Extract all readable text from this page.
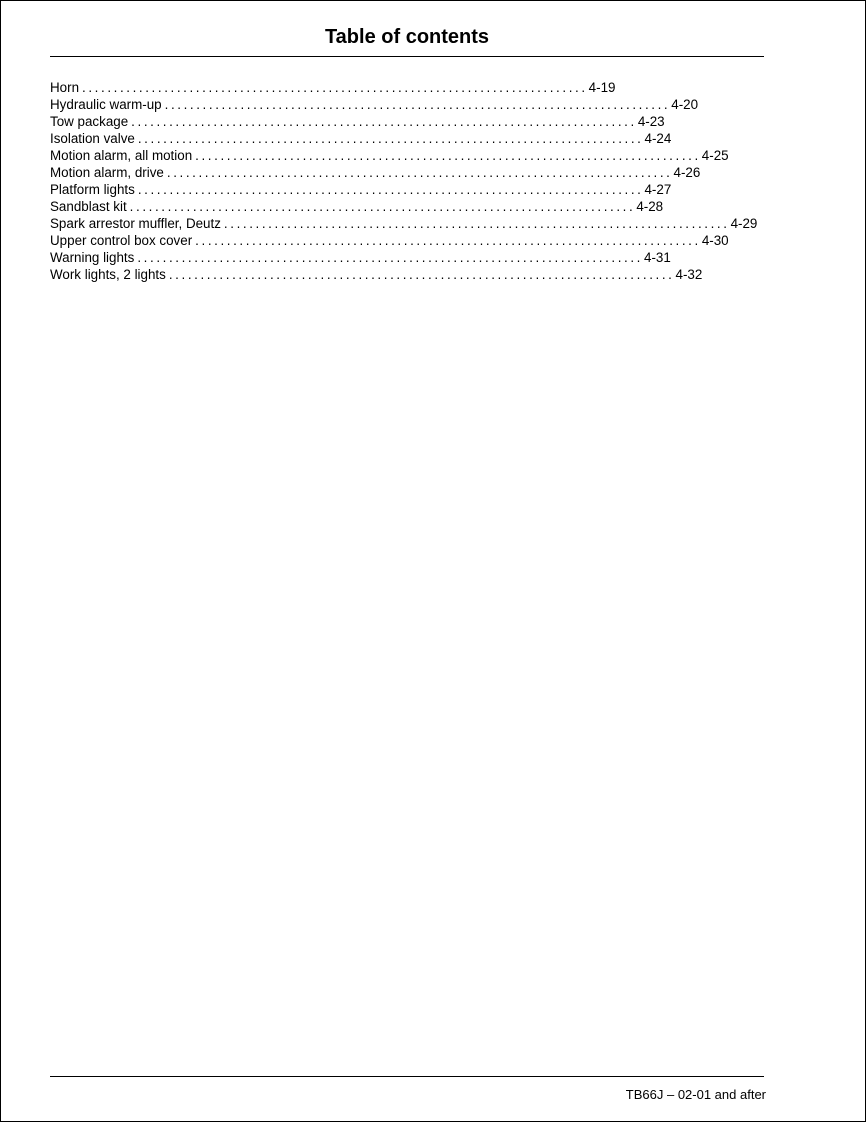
Table of contents
Horn ................................................................................ 4-19
Hydraulic warm-up ................................................................................ 4-20
Tow package ................................................................................ 4-23
Isolation valve ................................................................................ 4-24
Motion alarm, all motion ................................................................................ 4-25
Motion alarm, drive ................................................................................ 4-26
Platform lights ................................................................................ 4-27
Sandblast kit ................................................................................ 4-28
Spark arrestor muffler, Deutz ................................................................................ 4-29
Upper control box cover ................................................................................ 4-30
Warning lights ................................................................................ 4-31
Work lights, 2 lights ................................................................................ 4-32
TB66J – 02-01 and after
